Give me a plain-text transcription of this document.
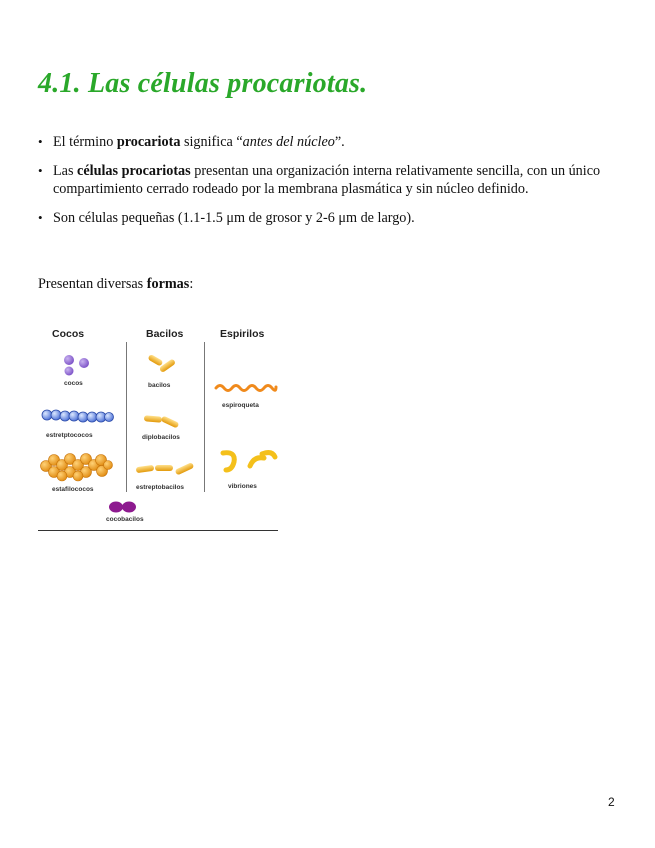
4.1. Las células procariotas.
• El término procariota significa “antes del núcleo”.
• Las células procariotas presentan una organización interna relativamente sencilla, con un único compartimiento cerrado rodeado por la membrana plasmática y sin núcleo definido.
• Son células pequeñas (1.1-1.5 μm de grosor y 2-6 μm de largo).

Presentan diversas formas:

Cocos	Bacilos	Espirilos
cocos
estretptococos
estafilococos
bacilos
diplobacilos
estreptobacilos
cocobacilos
espiroqueta
vibriones
2
